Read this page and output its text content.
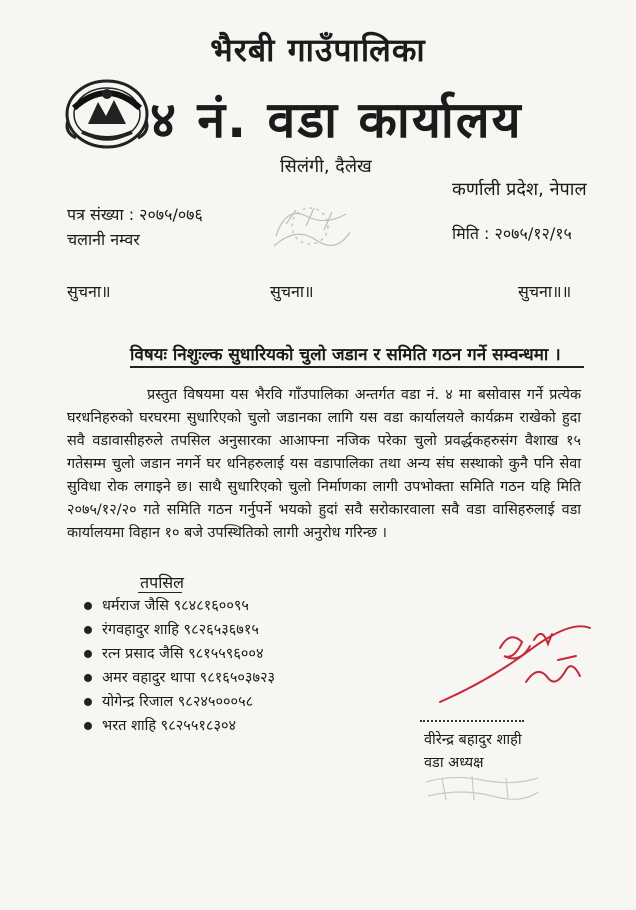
भैरबी गाउँपालिका
४ नं. वडा कार्यालय
सिलंगी, दैलेख
कर्णाली प्रदेश, नेपाल
पत्र संख्या : २०७५/०७६
चलानी नम्वर	मिति : २०७५/१२/१५
सुचना॥	सुचना॥	सुचना॥॥
विषयः निशुःल्क सुधारियको चुलो जडान र समिति गठन गर्ने सम्वन्धमा ।
प्रस्तुत विषयमा यस भैरवि गाँउपालिका अन्तर्गत वडा नं. ४ मा बसोवास गर्ने प्रत्येक घरधनिहरुको घरघरमा सुधारिएको चुलो जडानका लागि यस वडा कार्यालयले कार्यक्रम राखेको हुदा सवै वडावासीहरुले तपसिल अनुसारका आआफ्ना नजिक परेका चुलो प्रवर्द्धकहरुसंग वैशाख १५ गतेसम्म चुलो जडान नगर्ने घर धनिहरुलाई यस वडापालिका तथा अन्य संघ सस्थाको कुनै पनि सेवा सुविधा रोक लगाइने छ। साथै सुधारिएको चुलो निर्माणका लागी उपभोक्ता समिति गठन यहि मिति २०७५/१२/२० गते समिति गठन गर्नुपर्ने भयको हुदां सवै सरोकारवाला सवै वडा वासिहरुलाई वडा कार्यालयमा विहान १० बजे उपस्थितिको लागी अनुरोध गरिन्छ ।
तपसिल
धर्मराज जैसि ९८४८१६००९५
रंगवहादुर शाहि ९८२६५३६७१५
रत्न प्रसाद जैसि ९८१५५९६००४
अमर वहादुर थापा ९८१६५०३७२३
योगेन्द्र रिजाल ९८२४५०००५८
भरत शाहि ९८२५५१८३०४
वीरेन्द्र बहादुर शाही
वडा अध्यक्ष
